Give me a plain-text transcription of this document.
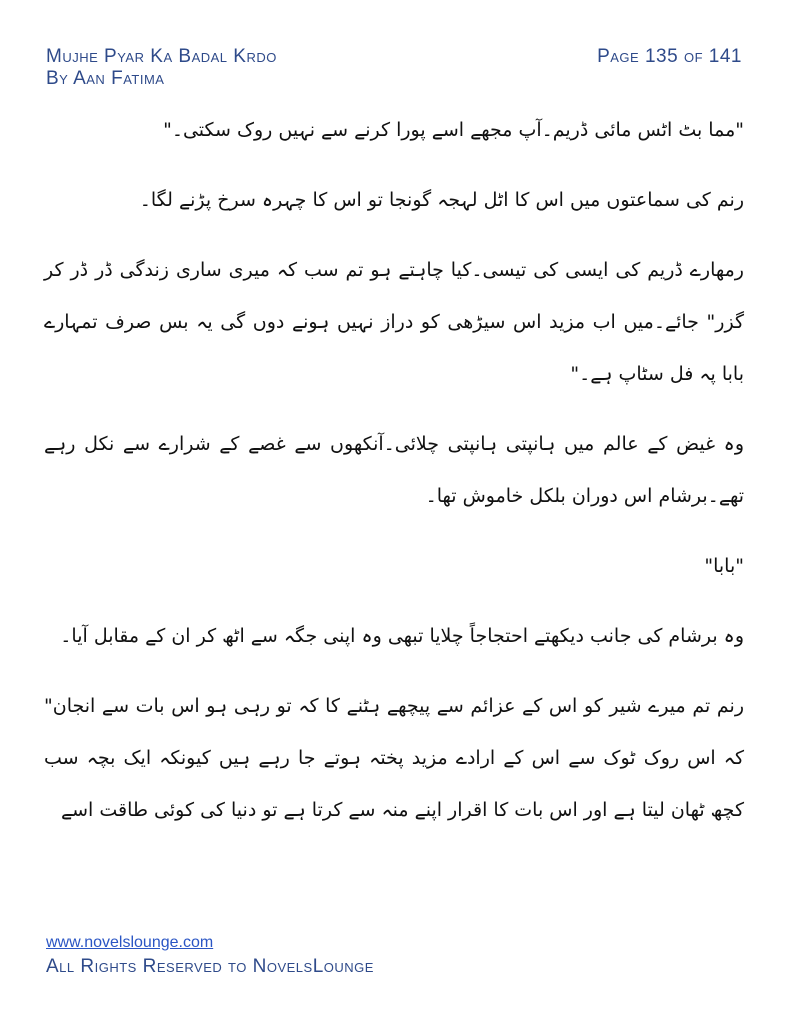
Mujhe Pyar Ka Badal Krdo
By Aan Fatima
Page 135 of 141

"مما بٹ اٹس مائی ڈریم۔آپ مجھے اسے پورا کرنے سے نہیں روک سکتی۔"

رنم کی سماعتوں میں اس کا اٹل لہجہ گونجا تو اس کا چہرہ سرخ پڑنے لگا۔

رمھارے ڈریم کی ایسی کی تیسی۔کیا چاہتے ہو تم سب کہ میری ساری زندگی ڈر ڈر کر گزر" جائے۔میں اب مزید اس سیڑھی کو دراز نہیں ہونے دوں گی یہ بس صرف تمہارے بابا پہ فل سٹاپ ہے۔"

وہ غیض کے عالم میں ہانپتی ہانپتی چلائی۔آنکھوں سے غصے کے شرارے سے نکل رہے تھے۔برشام اس دوران بلکل خاموش تھا۔

"بابا"

وہ برشام کی جانب دیکھتے احتجاجاً چلایا تبھی وہ اپنی جگہ سے اٹھ کر ان کے مقابل آیا۔

رنم تم میرے شیر کو اس کے عزائم سے پیچھے ہٹنے کا کہ تو رہی ہو اس بات سے انجان" کہ اس روک ٹوک سے اس کے ارادے مزید پختہ ہوتے جا رہے ہیں کیونکہ ایک بچہ سب کچھ ٹھان لیتا ہے اور اس بات کا اقرار اپنے منہ سے کرتا ہے تو دنیا کی کوئی طاقت اسے

www.novelslounge.com
All Rights Reserved to NovelsLounge
